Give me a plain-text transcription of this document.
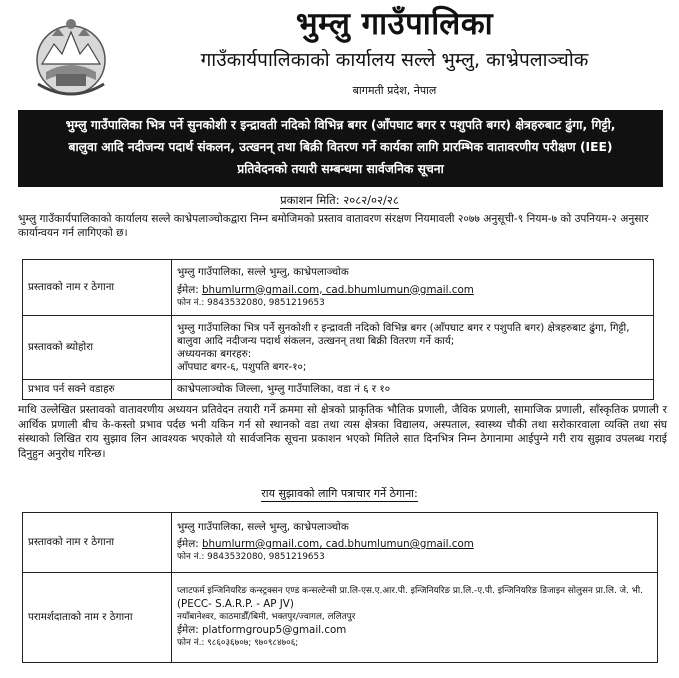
भुम्लु गाउँपालिका
गाउँकार्यपालिकाको कार्यालय सल्ले भुम्लु, काभ्रेपलाञ्चोक
बागमती प्रदेश, नेपाल
भुम्लु गाउँपालिका भित्र पर्ने सुनकोशी र इन्द्रावती नदिको विभिन्न बगर (आँपघाट बगर र पशुपति बगर) क्षेत्रहरुबाट ढुंगा, गिट्टी,
बालुवा आदि नदीजन्य पदार्थ संकलन, उत्खनन् तथा बिक्री वितरण गर्ने कार्यका लागि प्रारम्भिक वातावरणीय परीक्षण (IEE)
प्रतिवेदनको तयारी सम्बन्धमा सार्वजनिक सूचना
प्रकाशन मिति: २०८२/०२/२८
भुम्लु गाउँकार्यपालिकाको कार्यालय सल्ले काभ्रेपलाञ्चोकद्वारा निम्न बमोजिमको प्रस्ताव वातावरण संरक्षण नियमावली २०७७ अनुसूची-९ नियम-७ को उपनियम-२ अनुसार कार्यान्वयन गर्न लागिएको छ।
प्रस्तावको नाम र ठेगाना	भुम्लु गाउँपालिका, सल्ले भुम्लु, काभ्रेपलाञ्चोक
ईमेल: bhumlurm@gmail.com, cad.bhumlumun@gmail.com
फोन नं.: 9843532080, 9851219653

प्रस्तावको ब्योहोरा	भुम्लु गाउँपालिका भित्र पर्ने सुनकोशी र इन्द्रावती नदिको विभिन्न बगर (आँपघाट बगर र पशुपति बगर) क्षेत्रहरुबाट ढुंगा, गिट्टी, बालुवा आदि नदीजन्य पदार्थ संकलन, उत्खनन् तथा बिक्री वितरण गर्ने कार्य;
अध्ययनका बगरहरु:
आँपघाट बगर-६, पशुपति बगर-१०;

प्रभाव पर्न सक्ने वडाहरु	काभ्रेपलाञ्चोक जिल्ला, भुम्लु गाउँपालिका, वडा नं ६ र १०
माथि उल्लेखित प्रस्तावको वातावरणीय अध्ययन प्रतिवेदन तयारी गर्ने क्रममा सो क्षेत्रको प्राकृतिक भौतिक प्रणाली, जैविक प्रणाली, सामाजिक प्रणाली, साँस्कृतिक प्रणाली र आर्थिक प्रणाली बीच के-कस्तो प्रभाव पर्दछ भनी यकिन गर्न सो स्थानको वडा तथा त्यस क्षेत्रका विद्यालय, अस्पताल, स्वास्थ्य चौकी तथा सरोकारवाला व्यक्ति तथा संघ संस्थाको लिखित राय सुझाव लिन आवश्यक भएकोले यो सार्वजनिक सूचना प्रकाशन भएको मितिले सात दिनभित्र निम्न ठेगानामा आईपुग्ने गरी राय सुझाव उपलब्ध गराई दिनुहुन अनुरोध गरिन्छ।
राय सुझावको लागि पत्राचार गर्ने ठेगाना:
प्रस्तावको नाम र ठेगाना	भुम्लु गाउँपालिका, सल्ले भुम्लु, काभ्रेपलाञ्चोक
ईमेल: bhumlurm@gmail.com, cad.bhumlumun@gmail.com
फोन नं.: 9843532080, 9851219653

परामर्शदाताको नाम र ठेगाना	प्लाटफर्म इन्जिनियरिङ कन्स्ट्रक्सन एण्ड कन्सल्टेन्सी प्रा.लि-एस.ए.आर.पी. इन्जिनियरिङ प्रा.लि.-ए.पी. इन्जिनियरिङ डिजाइन सोलुसन प्रा.लि. जे. भी.
(PECC- S.A.R.P. - AP JV)
नयाँबानेश्वर, काठमाडौँ/बिमी, भक्तपुर/ज्वागल, ललितपुर
ईमेल: platformgroup5@gmail.com
फोन नं.: ९८६०३६७०७; ९७०९८४७०६;
